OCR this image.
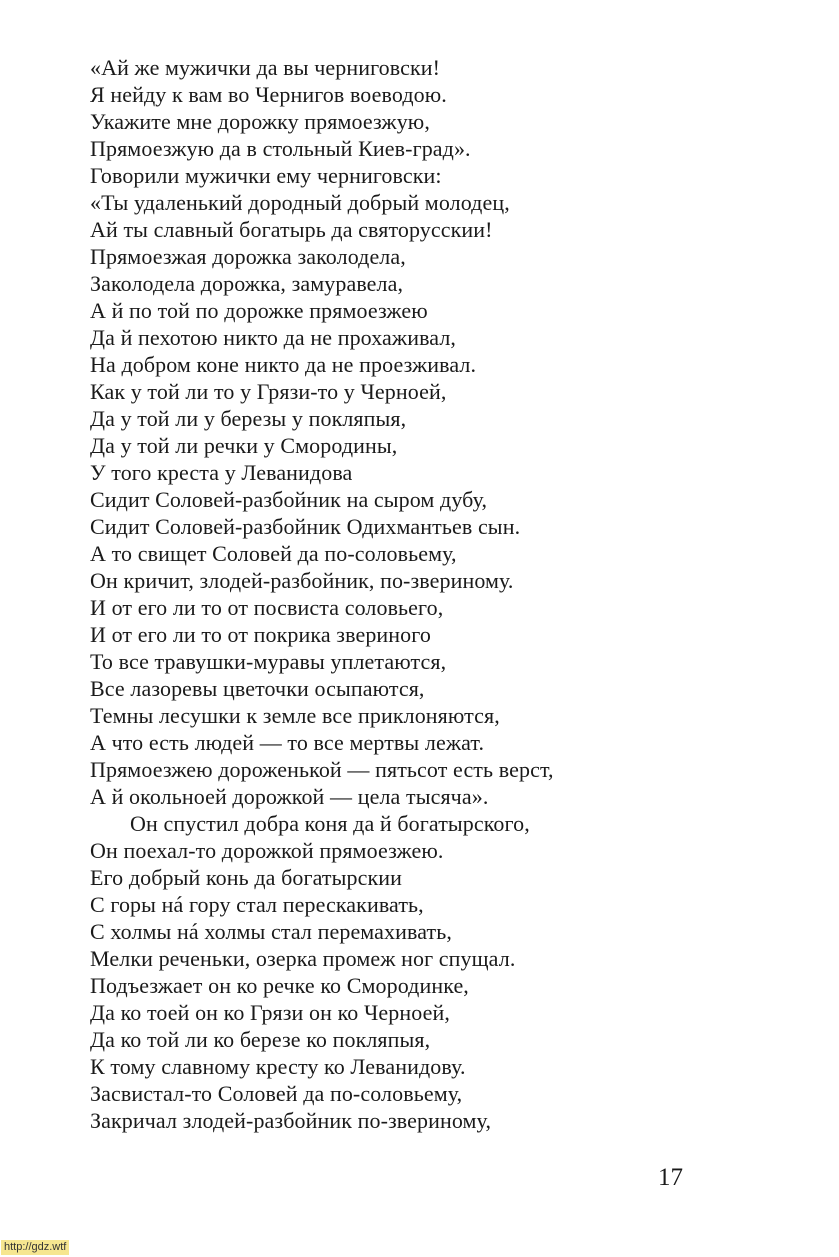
«Ай же мужички да вы черниговски!
Я нейду к вам во Чернигов воеводою.
Укажите мне дорожку прямоезжую,
Прямоезжую да в стольный Киев-град».
Говорили мужички ему черниговски:
«Ты удаленький дородный добрый молодец,
Ай ты славный богатырь да святорусскии!
Прямоезжая дорожка заколодела,
Заколодела дорожка, замуравела,
А й по той по дорожке прямоезжею
Да й пехотою никто да не прохаживал,
На добром коне никто да не проезживал.
Как у той ли то у Грязи-то у Черноей,
Да у той ли у березы у покляпыя,
Да у той ли речки у Смородины,
У того креста у Леванидова
Сидит Соловей-разбойник на сыром дубу,
Сидит Соловей-разбойник Одихмантьев сын.
А то свищет Соловей да по-соловьему,
Он кричит, злодей-разбойник, по-звериному.
И от его ли то от посвиста соловьего,
И от его ли то от покрика звериного
То все травушки-муравы уплетаются,
Все лазоревы цветочки осыпаются,
Темны лесушки к земле все приклоняются,
А что есть людей — то все мертвы лежат.
Прямоезжею дороженькой — пятьсот есть верст,
А й окольноей дорожкой — цела тысяча».
Он спустил добра коня да й богатырского,
Он поехал-то дорожкой прямоезжею.
Его добрый конь да богатырскии
С горы нá гору стал перескакивать,
С холмы нá холмы стал перемахивать,
Мелки реченьки, озерка промеж ног спущал.
Подъезжает он ко речке ко Смородинке,
Да ко тоей он ко Грязи он ко Черноей,
Да ко той ли ко березе ко покляпыя,
К тому славному кресту ко Леванидову.
Засвистал-то Соловей да по-соловьему,
Закричал злодей-разбойник по-звериному,
17
http://gdz.wtf
